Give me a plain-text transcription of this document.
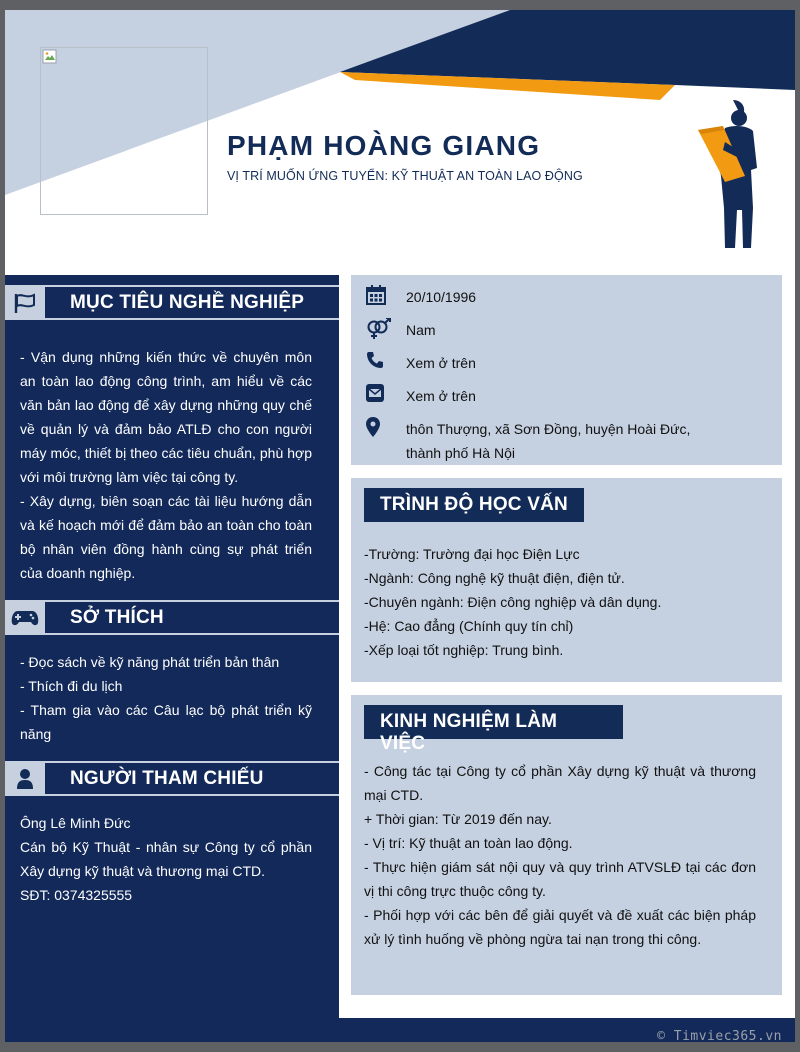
PHẠM HOÀNG GIANG

VỊ TRÍ MUỐN ỨNG TUYỂN: KỸ THUẬT AN TOÀN LAO ĐỘNG

MỤC TIÊU NGHỀ NGHIỆP

- Vận dụng những kiến thức về chuyên môn an toàn lao động công trình, am hiểu về các văn bản lao động để xây dựng những quy chế về quản lý và đảm bảo ATLĐ cho con người máy móc, thiết bị theo các tiêu chuẩn, phù hợp với môi trường làm việc tại công ty.

- Xây dựng, biên soạn các tài liệu hướng dẫn và kế hoạch mới để đảm bảo an toàn cho toàn bộ nhân viên đồng hành cùng sự phát triển của doanh nghiệp.

SỞ THÍCH

- Đọc sách về kỹ năng phát triển bản thân

- Thích đi du lịch

- Tham gia vào các Câu lạc bộ phát triển kỹ năng

NGƯỜI THAM CHIẾU

Ông Lê Minh Đức

Cán bộ Kỹ Thuật - nhân sự Công ty cổ phần Xây dựng kỹ thuật và thương mại CTD.

SĐT: 0374325555

20/10/1996
Nam
Xem ở trên
Xem ở trên
thôn Thượng, xã Sơn Đồng, huyện Hoài Đức,
thành phố Hà Nội
TRÌNH ĐỘ HỌC VẤN

-Trường: Trường đại học Điện Lực

-Ngành: Công nghệ kỹ thuật điện, điện tử.

-Chuyên ngành: Điện công nghiệp và dân dụng.

-Hệ: Cao đẳng (Chính quy tín chỉ)

-Xếp loại tốt nghiệp: Trung bình.

KINH NGHIỆM LÀM VIỆC

- Công tác tại Công ty cổ phần Xây dựng kỹ thuật và thương mại CTD.

+ Thời gian: Từ 2019 đến nay.

- Vị trí: Kỹ thuật an toàn lao động.

- Thực hiện giám sát nội quy và quy trình ATVSLĐ tại các đơn vị thi công trực thuộc công ty.

- Phối hợp với các bên để giải quyết và đề xuất các biện pháp xử lý tình huống về phòng ngừa tai nạn trong thi công.

© Timviec365.vn
